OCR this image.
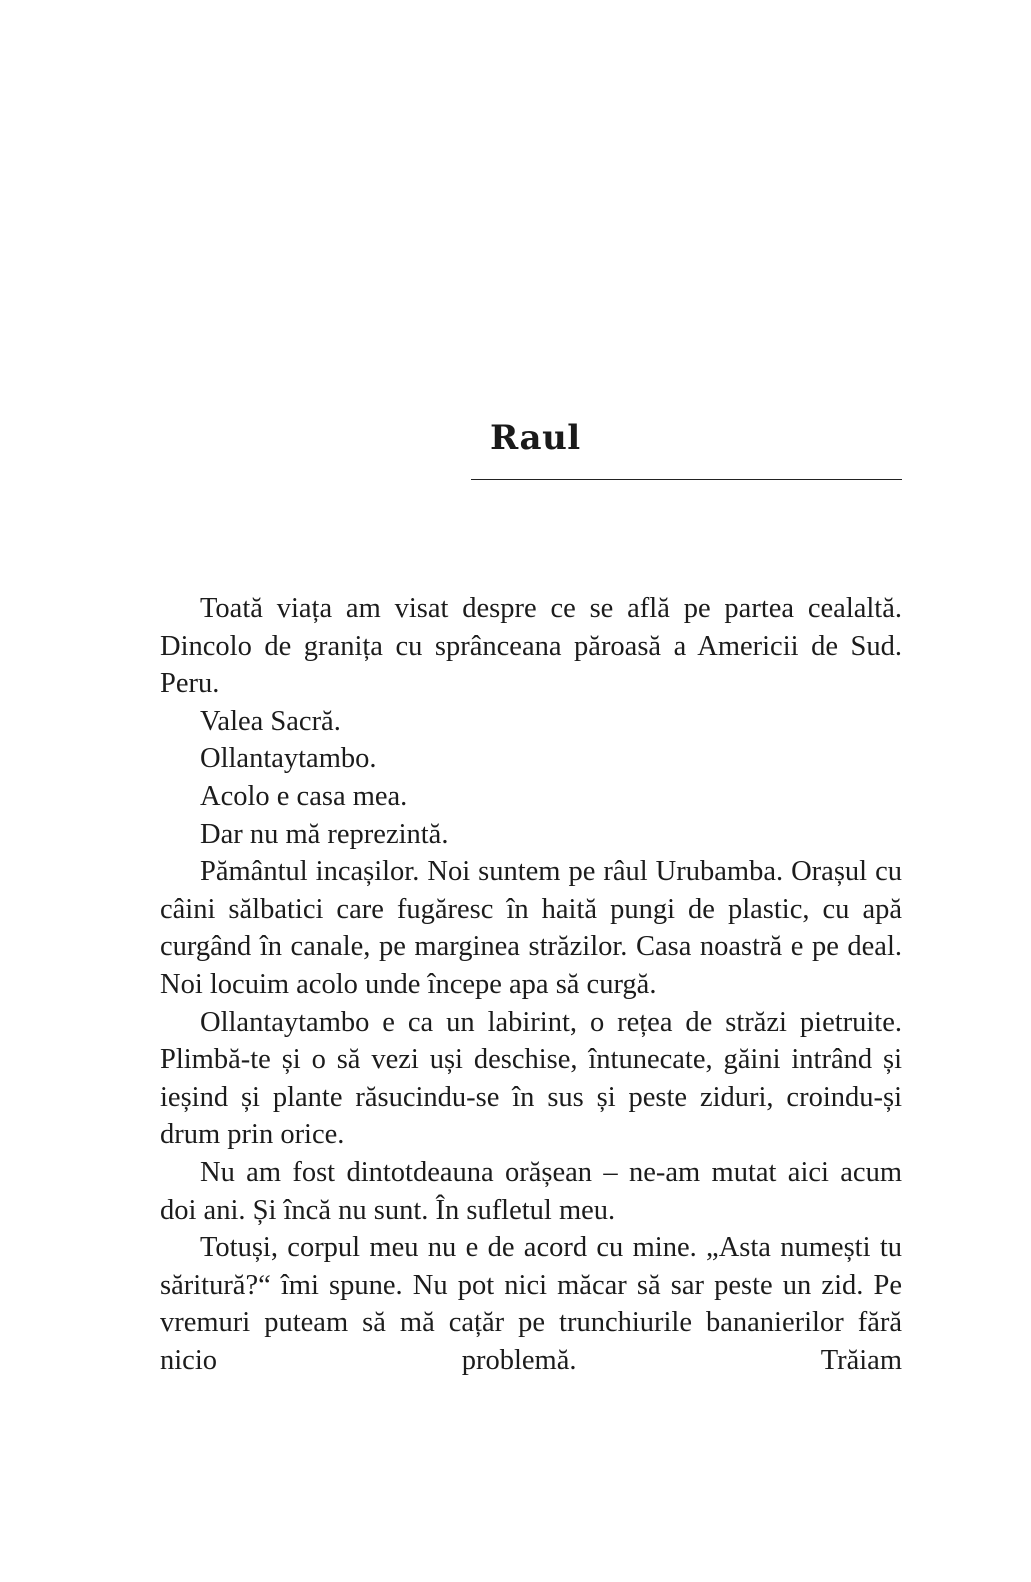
Raul

Toată viața am visat despre ce se află pe partea cealaltă. Dincolo de granița cu sprânceana păroasă a Americii de Sud. Peru.

Valea Sacră.

Ollantaytambo.

Acolo e casa mea.

Dar nu mă reprezintă.

Pământul incașilor. Noi suntem pe râul Urubamba. Orașul cu câini sălbatici care fugăresc în haită pungi de plastic, cu apă curgând în canale, pe marginea străzilor. Casa noastră e pe deal. Noi locuim acolo unde începe apa să curgă.

Ollantaytambo e ca un labirint, o rețea de străzi pietruite. Plimbă-te și o să vezi uși deschise, întunecate, găini intrând și ieșind și plante răsucindu-se în sus și peste ziduri, croindu-și drum prin orice.

Nu am fost dintotdeauna orășean – ne-am mutat aici acum doi ani. Și încă nu sunt. În sufletul meu.

Totuși, corpul meu nu e de acord cu mine. „Asta numești tu săritură?“ îmi spune. Nu pot nici măcar să sar peste un zid. Pe vremuri puteam să mă cațăr pe trunchiurile bananierilor fără nicio problemă. Trăiam
